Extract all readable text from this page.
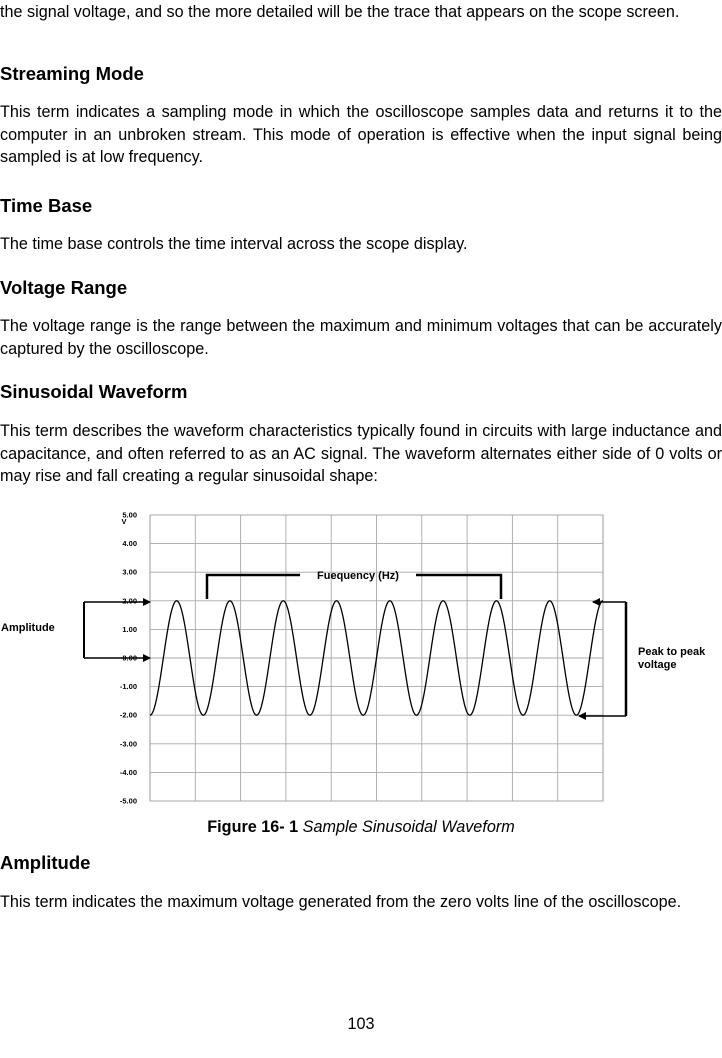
the signal voltage, and so the more detailed will be the trace that appears on the scope screen.

Streaming Mode

This term indicates a sampling mode in which the oscilloscope samples data and returns it to the computer in an unbroken stream. This mode of operation is effective when the input signal being sampled is at low frequency.

Time Base

The time base controls the time interval across the scope display.

Voltage Range

The voltage range is the range between the maximum and minimum voltages that can be accurately captured by the oscilloscope.

Sinusoidal Waveform

This term describes the waveform characteristics typically found in circuits with large inductance and capacitance, and often referred to as an AC signal. The waveform alternates either side of 0 volts or may rise and fall creating a regular sinusoidal shape:

5.00
4.00
3.00
2.00
1.00
0.00
-1.00
-2.00
-3.00
-4.00
-5.00
V
Fuequency (Hz)
Amplitude
Peak to peak
voltage
Figure 16- 1 Sample Sinusoidal Waveform
Amplitude

This term indicates the maximum voltage generated from the zero volts line of the oscilloscope.

103
